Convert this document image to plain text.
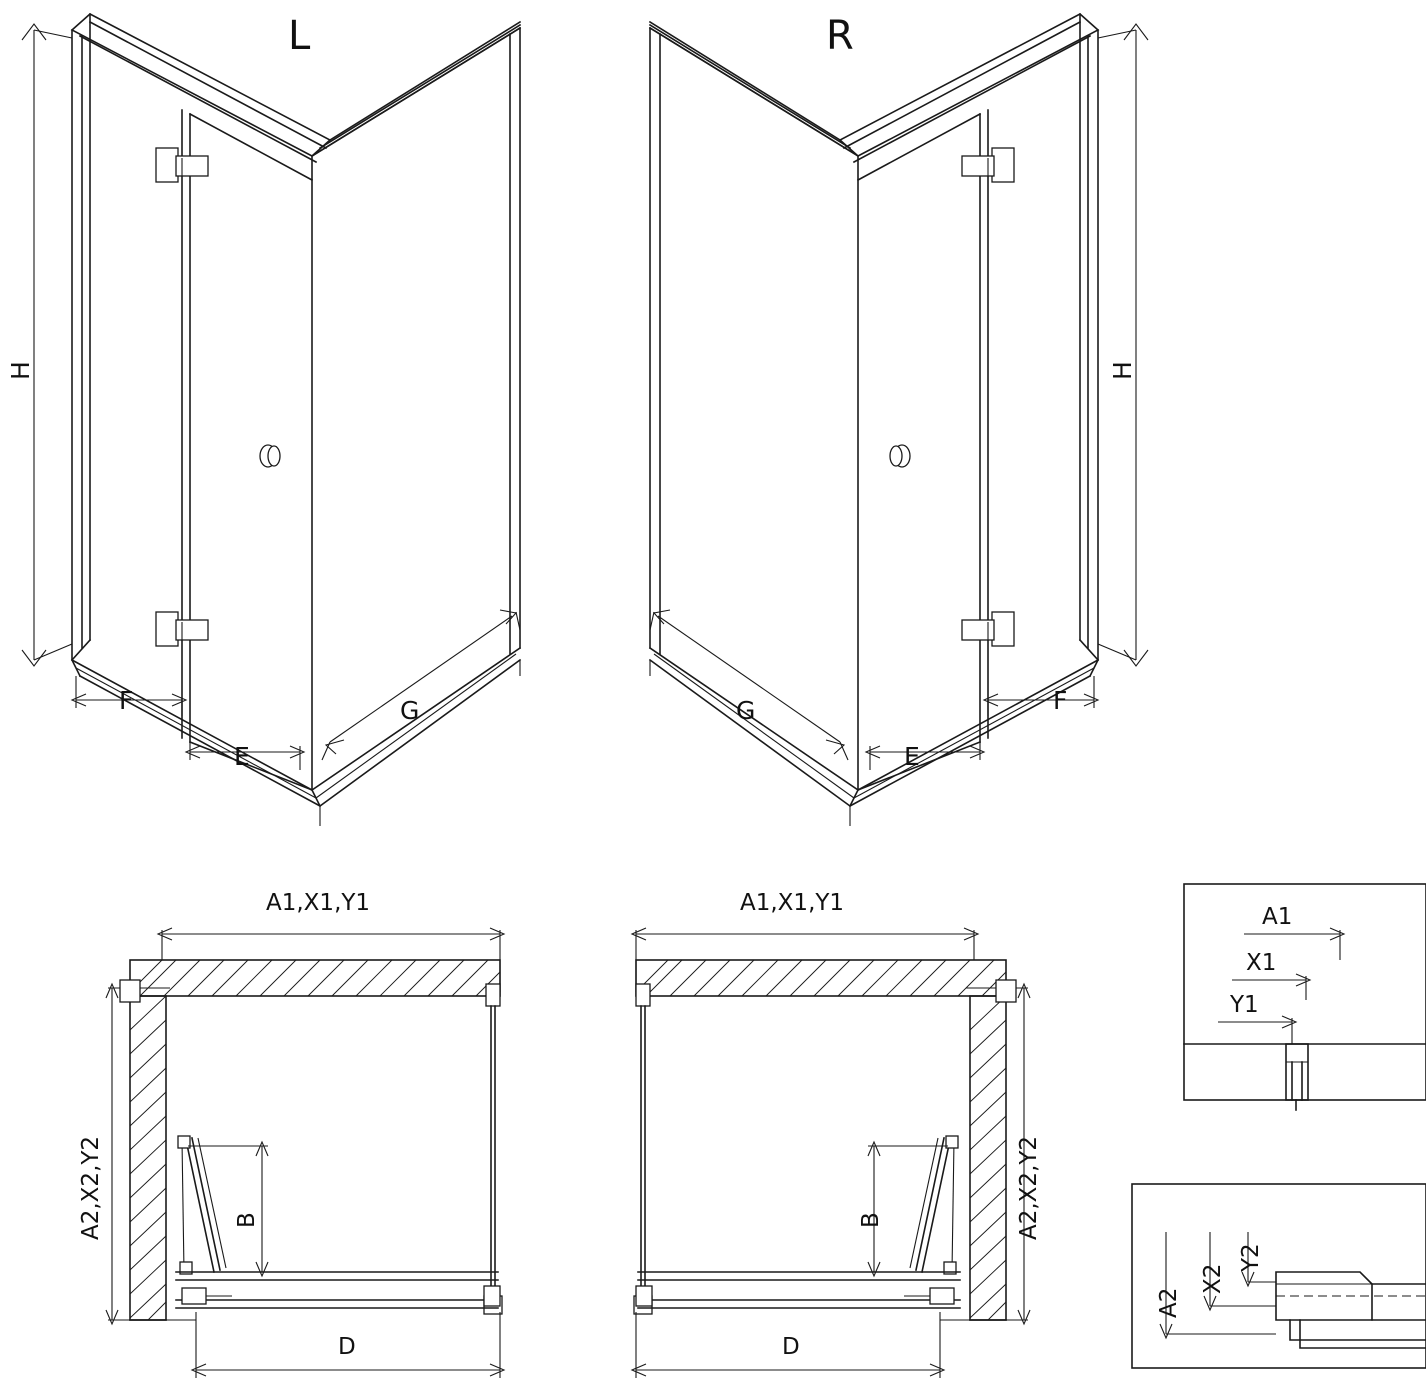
L	R
H	H
F
E
G	G
E
F
A1,X1,Y1
A2,X2,Y2	B
D
A1,X1,Y1
A2,X2,Y2
B
D
A1
X1
Y1
A2
X2
Y2
